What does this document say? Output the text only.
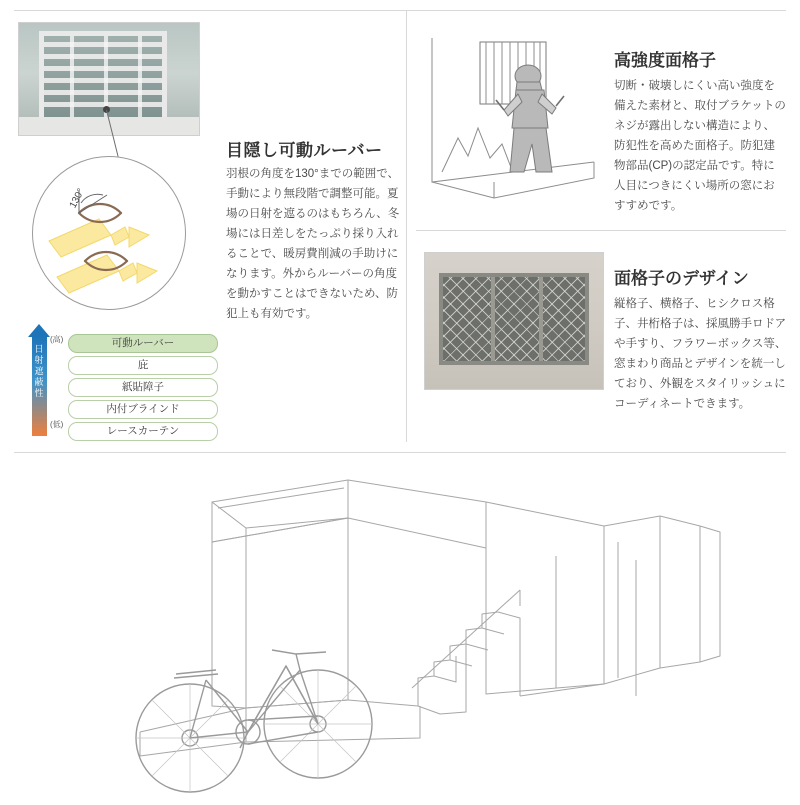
130°
日射遮蔽性
(高)
(低)
可動ルーバー
庇
紙貼障子
内付ブラインド
レースカーテン
目隠し可動ルーバー
羽根の角度を130°までの範囲で、手動により無段階で調整可能。夏場の日射を遮るのはもちろん、冬場には日差しをたっぷり採り入れることで、暖房費削減の手助けになります。外からルーバーの角度を動かすことはできないため、防犯上も有効です。
高強度面格子
切断・破壊しにくい高い強度を備えた素材と、取付ブラケットのネジが露出しない構造により、防犯性を高めた面格子。防犯建物部品(CP)の認定品です。特に人目につきにくい場所の窓におすすめです。
面格子のデザイン
縦格子、横格子、ヒシクロス格子、井桁格子は、採風勝手ロドアや手すり、フラワーボックス等、窓まわり商品とデザインを統一しており、外観をスタイリッシュにコーディネートできます。
